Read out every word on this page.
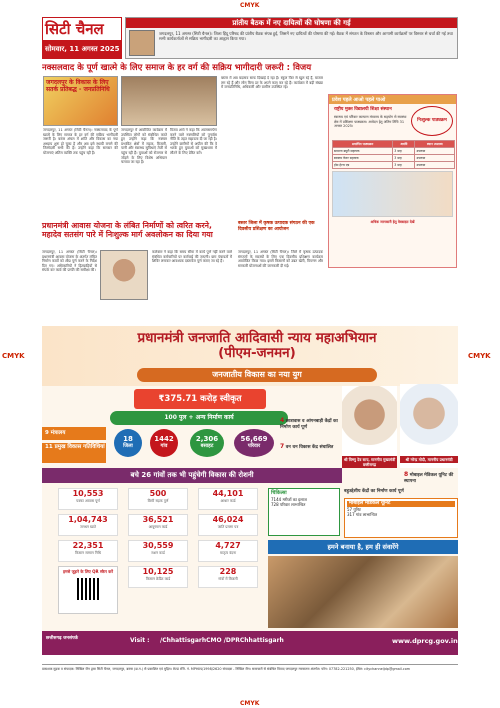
CMYK
CMYK	CMYK
सिटी चैनल
सोमवार, 11 अगस्त 2025
प्रांतीय बैठक में नए दायित्वों की घोषणा की गई
जगदलपुर, 11 अगस्त (सिटी चैनल)। जिला हिंदू परिषद की प्रांतीय बैठक संपन्न हुई, जिसमें नए दायित्वों की घोषणा की गई। बैठक में संगठन के विस्तार और आगामी कार्यक्रमों पर विस्तार से चर्चा की गई तथा सभी कार्यकर्ताओं से सक्रिय भागीदारी का आह्वान किया गया।
नक्सलवाद के पूर्ण खात्मे के लिए समाज के हर वर्ग की सक्रिय भागीदारी जरूरी : विजय
जगदलपुर के विकास के लिए सतर्क प्रतिबद्ध - जनप्रतिनिधि
जगदलपुर, 11 अगस्त (सिटी चैनल)। नक्सलवाद के पूर्ण खात्मे के लिए समाज के हर वर्ग की सक्रिय भागीदारी जरूरी है। बस्तर अंचल में शांति और विकास का नया अध्याय शुरू हो चुका है और अब इसे स्थायी बनाने की जिम्मेदारी सभी की है। उन्होंने कहा कि सरकार की योजनाएं अंतिम व्यक्ति तक पहुंच रही हैं।
जगदलपुर में आयोजित कार्यक्रम में उपस्थित लोगों को संबोधित करते हुए उन्होंने कहा कि नक्सल प्रभावित क्षेत्रों में सड़क, बिजली, पानी और स्वास्थ्य सुविधाएं तेजी से पहुंच रही हैं। युवाओं को रोजगार से जोड़ने के लिए विशेष अभियान चलाया जा रहा है।
विजय शर्मा ने कहा कि आत्मसमर्पण करने वाले नक्सलियों को पुनर्वास नीति के तहत सहायता दी जा रही है। उन्होंने ग्रामीणों से अपील की कि वे भटके हुए युवाओं को मुख्यधारा में लौटने के लिए प्रेरित करें।
बस्तर में अब बदलाव साफ दिखाई दे रहा है। स्कूल फिर से खुल रहे हैं, बाजार लग रहे हैं और लोग बिना डर के अपने काम कर रहे हैं। कार्यक्रम में बड़ी संख्या में जनप्रतिनिधि, अधिकारी और ग्रामीण उपस्थित रहे।
प्रवेश पहले आओ पहले पाओ
राष्ट्रीय मुक्त विद्यालयी शिक्षा संस्थान
स्वास्थ्य एवं परिवार कल्याण मंत्रालय के सहयोग से स्वास्थ्य क्षेत्र में प्रशिक्षण पाठ्यक्रम। आवेदन हेतु अंतिम तिथि 31 अगस्त 2025।
निःशुल्क पाठ्यक्रम
प्रमाणित पाठ्यक्रम	अवधि	स्थान उपलब्ध
सामान्य ड्यूटी सहायक	3 माह	उपलब्ध
स्वास्थ्य केयर सहायक	3 माह	उपलब्ध
होम हेल्थ एड	3 माह	उपलब्ध
अधिक जानकारी हेतु वेबसाइट देखें
प्रधानमंत्री आवास योजना के लंबित निर्माणों को त्वरित करने, महादेव सतसंग पारे में निःशुल्क मार्ग अवलोकन का दिया गया
जगदलपुर, 11 अगस्त (सिटी चैनल)। प्रधानमंत्री आवास योजना के अंतर्गत लंबित निर्माण कार्यों को शीघ्र पूर्ण करने के निर्देश दिए गए। अधिकारियों ने हितग्राहियों से संपर्क कर कार्य की प्रगति की समीक्षा की।
कलेक्टर ने कहा कि समय सीमा में कार्य पूर्ण नहीं करने वाले संबंधित कर्मचारियों पर कार्रवाई की जाएगी। ग्राम पंचायतों में शिविर लगाकर आवश्यक दस्तावेज पूर्ण कराए जा रहे हैं।
बस्तर जिला में कृषक उत्पादक संगठन की एक दिवसीय प्रशिक्षण का आयोजन
जगदलपुर, 11 अगस्त (सिटी चैनल)। जिले में कृषक उत्पादक संगठनों के सदस्यों के लिए एक दिवसीय प्रशिक्षण कार्यक्रम आयोजित किया गया। इसमें किसानों को उन्नत खेती, विपणन और सरकारी योजनाओं की जानकारी दी गई।
प्रधानमंत्री जनजाति आदिवासी न्याय महाअभियान (पीएम-जनमन)
जनजातीय विकास का नया युग
श्री विष्णु देव साय, माननीय मुख्यमंत्री छत्तीसगढ़
श्री नरेन्द्र मोदी, माननीय प्रधानमंत्री
₹375.71 करोड़ स्वीकृत
100 पुल + अन्य निर्माण कार्य
9 मंत्रालय
11 प्रमुख विकास गतिविधियां
18
जिला
1442
गांव
2,306
बसाहट
56,669
परिवार
4 छात्रावास व आंगनबाड़ी केंद्रों का निर्माण कार्य पूर्ण
7 वन धन विकास केंद्र संचालित
8 मोबाइल मेडिकल यूनिट की स्थापना
बहुउद्देशीय केंद्रों का निर्माण कार्य पूर्ण
बचे 26 गांवों तक भी पहुंचेगी विकास की रोशनी
10,553
पक्का आवास पूर्ण
500
किमी सड़क पूर्ण
44,101
आधार कार्ड
1,04,743
जनधन खाते
36,521
आयुष्मान कार्ड
46,024
जाति प्रमाण पत्र
22,351
किसान सम्मान निधि
30,559
राशन कार्ड
4,727
मातृत्व वंदना
10,125
किसान क्रेडिट कार्ड
228
गांवों में बिजली
हमसे जुड़ने के लिए QR स्कैन करें
चिकित्सा
7144 मरीजों का इलाज
728 परिवार लाभान्वित	मोबाइल मेडिकल यूनिट
57 यूनिट
317 गांव लाभान्वित
हमने बनाया है, हम ही संवारेंगे
छत्तीसगढ़ जनसंपर्क	Visit : /ChhattisgarhCMO /DPRChhattisgarh	www.dprcg.gov.in
प्रकाशक मुद्रक व संपादक: निखिल जैन द्वारा सिटी चैनल, जगदलपुर, बस्तर (छ.ग.) से प्रकाशित एवं मुद्रित। RNI रजि. नं. MPHIN/1998/2620 संपादक - निखिल जैन। समाचारों से संबंधित विवाद जगदलपुर न्यायालय अंतर्गत। फोन: 07782-221250, ईमेल: citychanneljdp@gmail.com
CMYK
